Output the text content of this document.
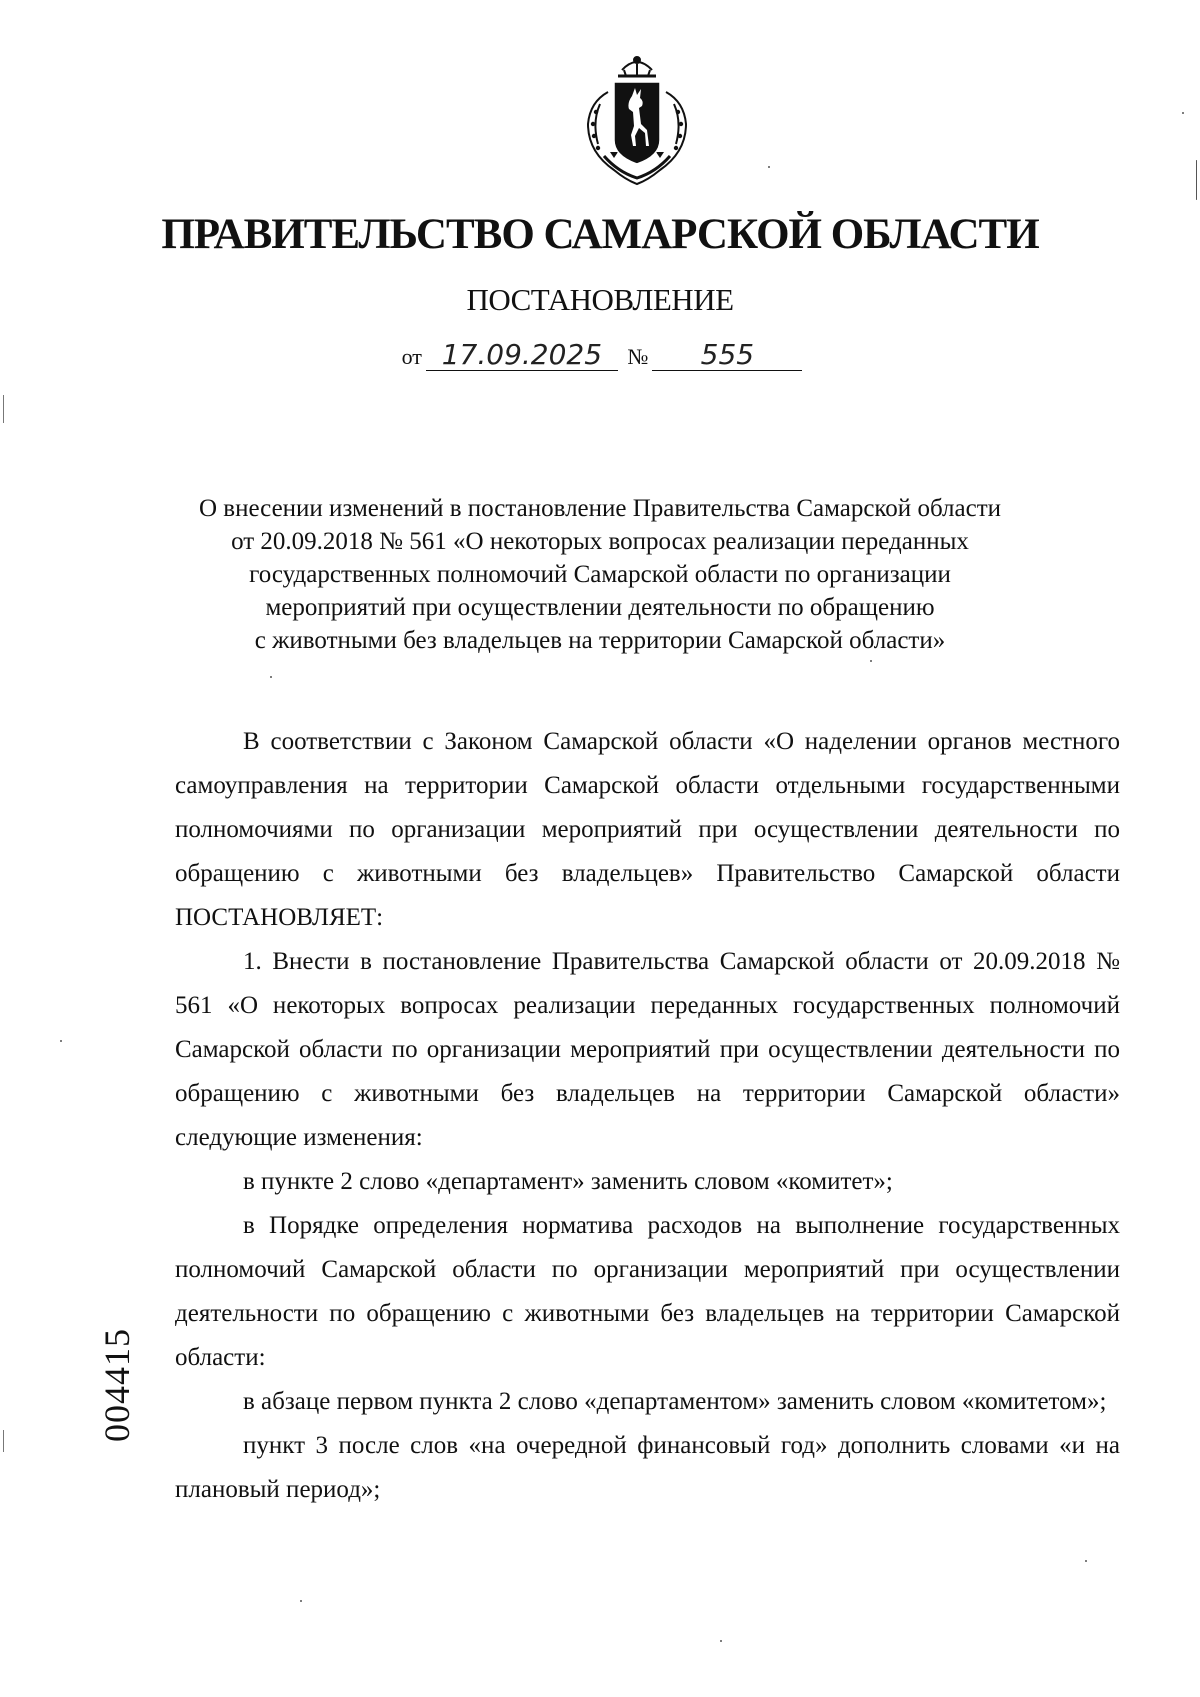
ПРАВИТЕЛЬСТВО САМАРСКОЙ ОБЛАСТИ
ПОСТАНОВЛЕНИЕ
от 17.09.2025 № 555
О внесении изменений в постановление Правительства Самарской области
от 20.09.2018 № 561 «О некоторых вопросах реализации переданных
государственных полномочий Самарской области по организации
мероприятий при осуществлении деятельности по обращению
с животными без владельцев на территории Самарской области»

В соответствии с Законом Самарской области «О наделении органов местного самоуправления на территории Самарской области отдельными государственными полномочиями по организации мероприятий при осуществлении деятельности по обращению с животными без владельцев» Правительство Самарской области ПОСТАНОВЛЯЕТ:

1. Внести в постановление Правительства Самарской области от 20.09.2018 № 561 «О некоторых вопросах реализации переданных государственных полномочий Самарской области по организации мероприятий при осуществлении деятельности по обращению с животными без владельцев на территории Самарской области» следующие изменения:

в пункте 2 слово «департамент» заменить словом «комитет»;

в Порядке определения норматива расходов на выполнение государственных полномочий Самарской области по организации мероприятий при осуществлении деятельности по обращению с животными без владельцев на территории Самарской области:

в абзаце первом пункта 2 слово «департаментом» заменить словом «комитетом»;

пункт 3 после слов «на очередной финансовый год» дополнить словами «и на плановый период»;

004415
